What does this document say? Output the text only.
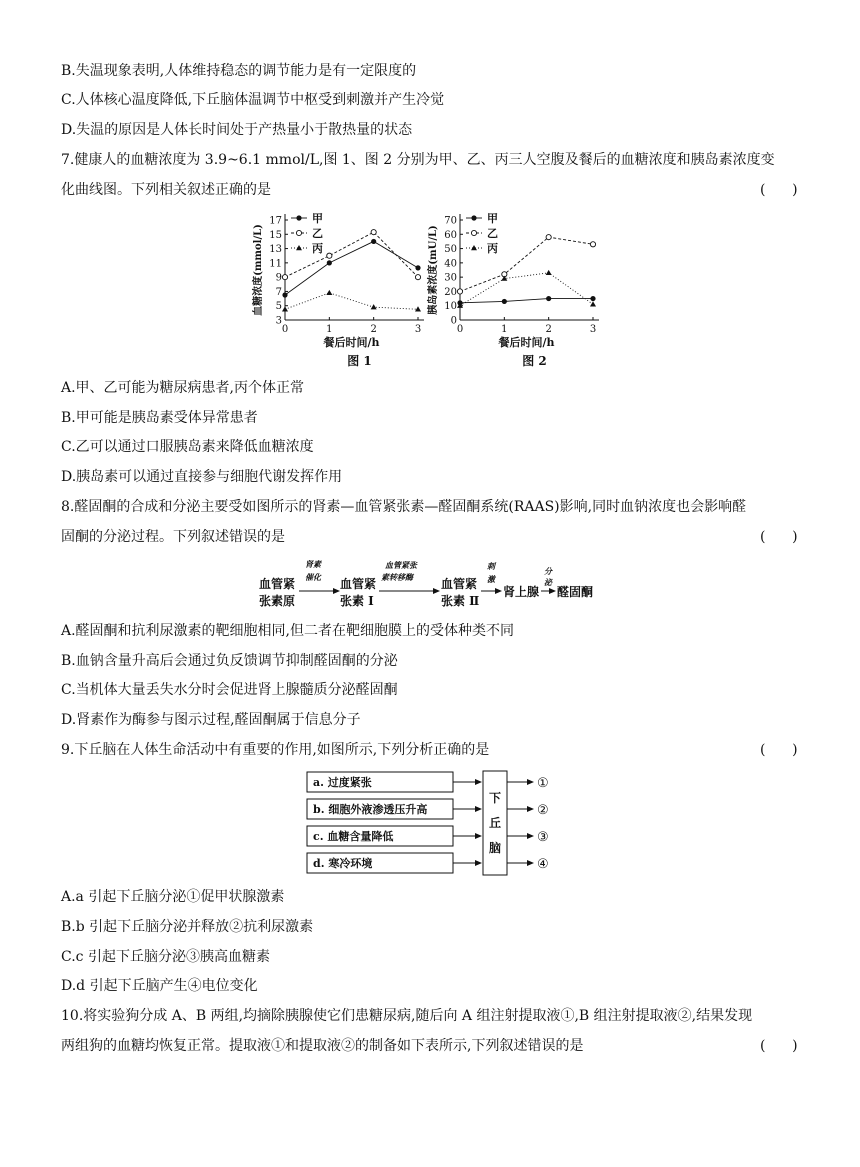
B.失温现象表明,人体维持稳态的调节能力是有一定限度的
C.人体核心温度降低,下丘脑体温调节中枢受到刺激并产生冷觉
D.失温的原因是人体长时间处于产热量小于散热量的状态
7.健康人的血糖浓度为 3.9~6.1 mmol/L,图 1、图 2 分别为甲、乙、丙三人空腹及餐后的血糖浓度和胰岛素浓度变
化曲线图。下列相关叙述正确的是	(      )
3
5
7
9
11
13
15
17
0	1	2	3
餐后时间/h
血糖浓度(mmol/L)
图 1
甲
乙
丙
0
10
20
30
40
50
60
70
0	1	2	3
餐后时间/h
胰岛素浓度(mU/L)
图 2
甲
乙
丙
A.甲、乙可能为糖尿病患者,丙个体正常
B.甲可能是胰岛素受体异常患者
C.乙可以通过口服胰岛素来降低血糖浓度
D.胰岛素可以通过直接参与细胞代谢发挥作用
8.醛固酮的合成和分泌主要受如图所示的肾素—血管紧张素—醛固酮系统(RAAS)影响,同时血钠浓度也会影响醛
固酮的分泌过程。下列叙述错误的是	(      )
血管紧
张素原
血管紧
张素 Ⅰ
血管紧
张素 Ⅱ
肾上腺 醛固酮
肾素
催化
血管紧张
素转移酶
刺
激
分
泌
A.醛固酮和抗利尿激素的靶细胞相同,但二者在靶细胞膜上的受体种类不同
B.血钠含量升高后会通过负反馈调节抑制醛固酮的分泌
C.当机体大量丢失水分时会促进肾上腺髓质分泌醛固酮
D.肾素作为酶参与图示过程,醛固酮属于信息分子
9.下丘脑在人体生命活动中有重要的作用,如图所示,下列分析正确的是	(      )
a. 过度紧张
b. 细胞外液渗透压升高
c. 血糖含量降低
d. 寒冷环境
下
丘
脑
①
②
③
④
A.a 引起下丘脑分泌①促甲状腺激素
B.b 引起下丘脑分泌并释放②抗利尿激素
C.c 引起下丘脑分泌③胰高血糖素
D.d 引起下丘脑产生④电位变化
10.将实验狗分成 A、B 两组,均摘除胰腺使它们患糖尿病,随后向 A 组注射提取液①,B 组注射提取液②,结果发现
两组狗的血糖均恢复正常。提取液①和提取液②的制备如下表所示,下列叙述错误的是	(      )
